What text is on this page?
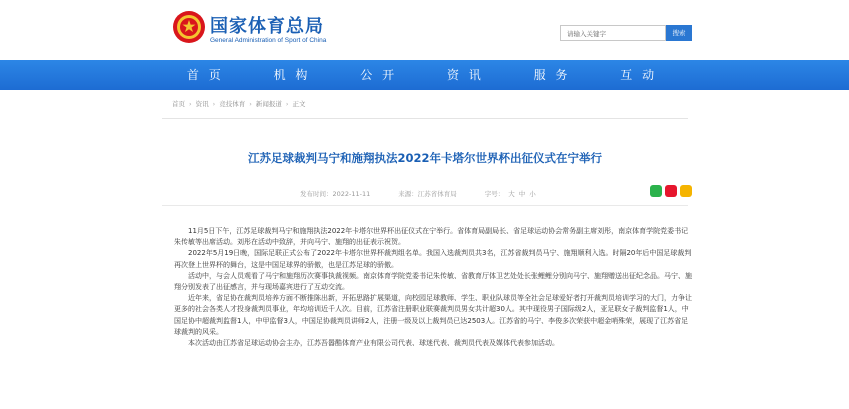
国家体育总局
General Administration of Sport of China
请输入关键字	搜索
首 页	机 构	公 开	资 讯	服 务	互 动
首页 › 资讯 › 竞技体育 › 新闻报道 › 正文
江苏足球裁判马宁和施翔执法2022年卡塔尔世界杯出征仪式在宁举行
发布时间：2022-11-11	来源：江苏省体育局	字号： 大 中 小

11月5日下午，江苏足球裁判马宁和施翔执法2022年卡塔尔世界杯出征仪式在宁举行。省体育局副局长、省足球运动协会常务副主席刘彤，南京体育学院党委书记朱传敏等出席活动。刘彤在活动中致辞，并向马宁、施翔的出征表示祝贺。

2022年5月19日晚，国际足联正式公布了2022年卡塔尔世界杯裁判组名单。我国入选裁判员共3名，江苏省裁判员马宁、施翔顺利入选。时隔20年后中国足球裁判再次登上世界杯的舞台，这是中国足球界的骄傲，也是江苏足球的骄傲。

活动中，与会人员观看了马宁和施翔历次赛事执裁视频。南京体育学院党委书记朱传敏、省教育厅体卫艺处处长张鲤鲤分别向马宁、施翔赠送出征纪念品。马宁、施翔分别发表了出征感言，并与现场嘉宾进行了互动交流。

近年来，省足协在裁判员培养方面不断推陈出新，开拓思路扩展渠道，向校园足球教师、学生、职业队球员等全社会足球爱好者打开裁判员培训学习的大门，力争让更多的社会各类人才投身裁判员事业，年均培训近千人次。目前，江苏省注册职业联赛裁判员男女共计超30人。其中现役男子国际级2人，亚足联女子裁判监督1人，中国足协中超裁判监督1人，中甲监督3人，中国足协裁判员讲师2人，注册一级及以上裁判员已达2503人。江苏省的马宁、李俊多次荣获中超金哨殊荣，展现了江苏省足球裁判的风采。

本次活动由江苏省足球运动协会主办，江苏吾嚣酷体育产业有限公司代表、球迷代表、裁判员代表及媒体代表参加活动。
